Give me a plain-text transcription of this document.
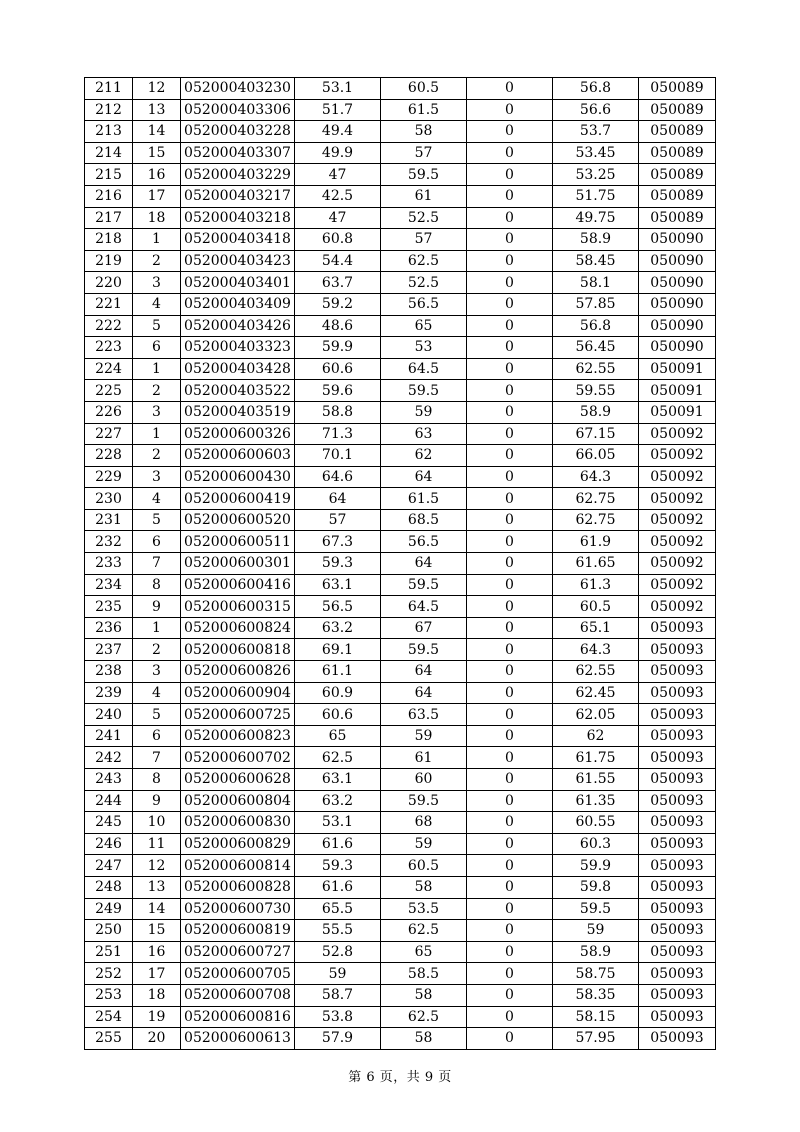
211	12	052000403230	53.1	60.5	0	56.8	050089
212	13	052000403306	51.7	61.5	0	56.6	050089
213	14	052000403228	49.4	58	0	53.7	050089
214	15	052000403307	49.9	57	0	53.45	050089
215	16	052000403229	47	59.5	0	53.25	050089
216	17	052000403217	42.5	61	0	51.75	050089
217	18	052000403218	47	52.5	0	49.75	050089
218	1	052000403418	60.8	57	0	58.9	050090
219	2	052000403423	54.4	62.5	0	58.45	050090
220	3	052000403401	63.7	52.5	0	58.1	050090
221	4	052000403409	59.2	56.5	0	57.85	050090
222	5	052000403426	48.6	65	0	56.8	050090
223	6	052000403323	59.9	53	0	56.45	050090
224	1	052000403428	60.6	64.5	0	62.55	050091
225	2	052000403522	59.6	59.5	0	59.55	050091
226	3	052000403519	58.8	59	0	58.9	050091
227	1	052000600326	71.3	63	0	67.15	050092
228	2	052000600603	70.1	62	0	66.05	050092
229	3	052000600430	64.6	64	0	64.3	050092
230	4	052000600419	64	61.5	0	62.75	050092
231	5	052000600520	57	68.5	0	62.75	050092
232	6	052000600511	67.3	56.5	0	61.9	050092
233	7	052000600301	59.3	64	0	61.65	050092
234	8	052000600416	63.1	59.5	0	61.3	050092
235	9	052000600315	56.5	64.5	0	60.5	050092
236	1	052000600824	63.2	67	0	65.1	050093
237	2	052000600818	69.1	59.5	0	64.3	050093
238	3	052000600826	61.1	64	0	62.55	050093
239	4	052000600904	60.9	64	0	62.45	050093
240	5	052000600725	60.6	63.5	0	62.05	050093
241	6	052000600823	65	59	0	62	050093
242	7	052000600702	62.5	61	0	61.75	050093
243	8	052000600628	63.1	60	0	61.55	050093
244	9	052000600804	63.2	59.5	0	61.35	050093
245	10	052000600830	53.1	68	0	60.55	050093
246	11	052000600829	61.6	59	0	60.3	050093
247	12	052000600814	59.3	60.5	0	59.9	050093
248	13	052000600828	61.6	58	0	59.8	050093
249	14	052000600730	65.5	53.5	0	59.5	050093
250	15	052000600819	55.5	62.5	0	59	050093
251	16	052000600727	52.8	65	0	58.9	050093
252	17	052000600705	59	58.5	0	58.75	050093
253	18	052000600708	58.7	58	0	58.35	050093
254	19	052000600816	53.8	62.5	0	58.15	050093
255	20	052000600613	57.9	58	0	57.95	050093
第 6 页，共 9 页
